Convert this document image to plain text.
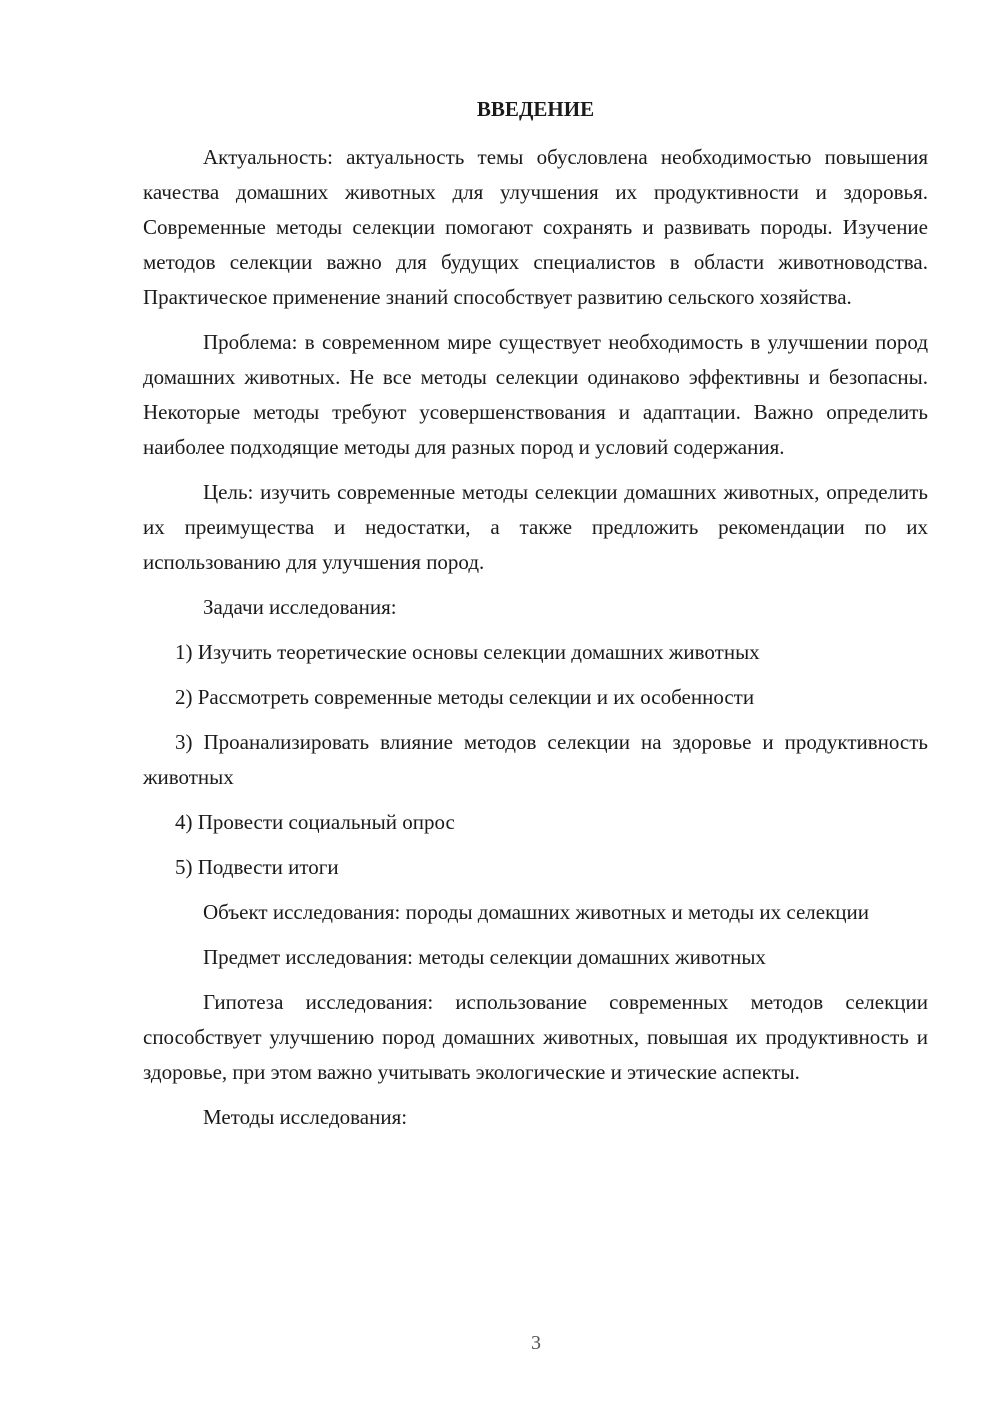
ВВЕДЕНИЕ

Актуальность: актуальность темы обусловлена необходимостью повышения качества домашних животных для улучшения их продуктивности и здоровья. Современные методы селекции помогают сохранять и развивать породы. Изучение методов селекции важно для будущих специалистов в области животноводства. Практическое применение знаний способствует развитию сельского хозяйства.

Проблема: в современном мире существует необходимость в улучшении пород домашних животных. Не все методы селекции одинаково эффективны и безопасны. Некоторые методы требуют усовершенствования и адаптации. Важно определить наиболее подходящие методы для разных пород и условий содержания.

Цель: изучить современные методы селекции домашних животных, определить их преимущества и недостатки, а также предложить рекомендации по их использованию для улучшения пород.

Задачи исследования:

1) Изучить теоретические основы селекции домашних животных

2) Рассмотреть современные методы селекции и их особенности

3) Проанализировать влияние методов селекции на здоровье и продуктивность животных

4) Провести социальный опрос

5) Подвести итоги

Объект исследования: породы домашних животных и методы их селекции

Предмет исследования: методы селекции домашних животных

Гипотеза исследования: использование современных методов селекции способствует улучшению пород домашних животных, повышая их продуктивность и здоровье, при этом важно учитывать экологические и этические аспекты.

Методы исследования:

3
